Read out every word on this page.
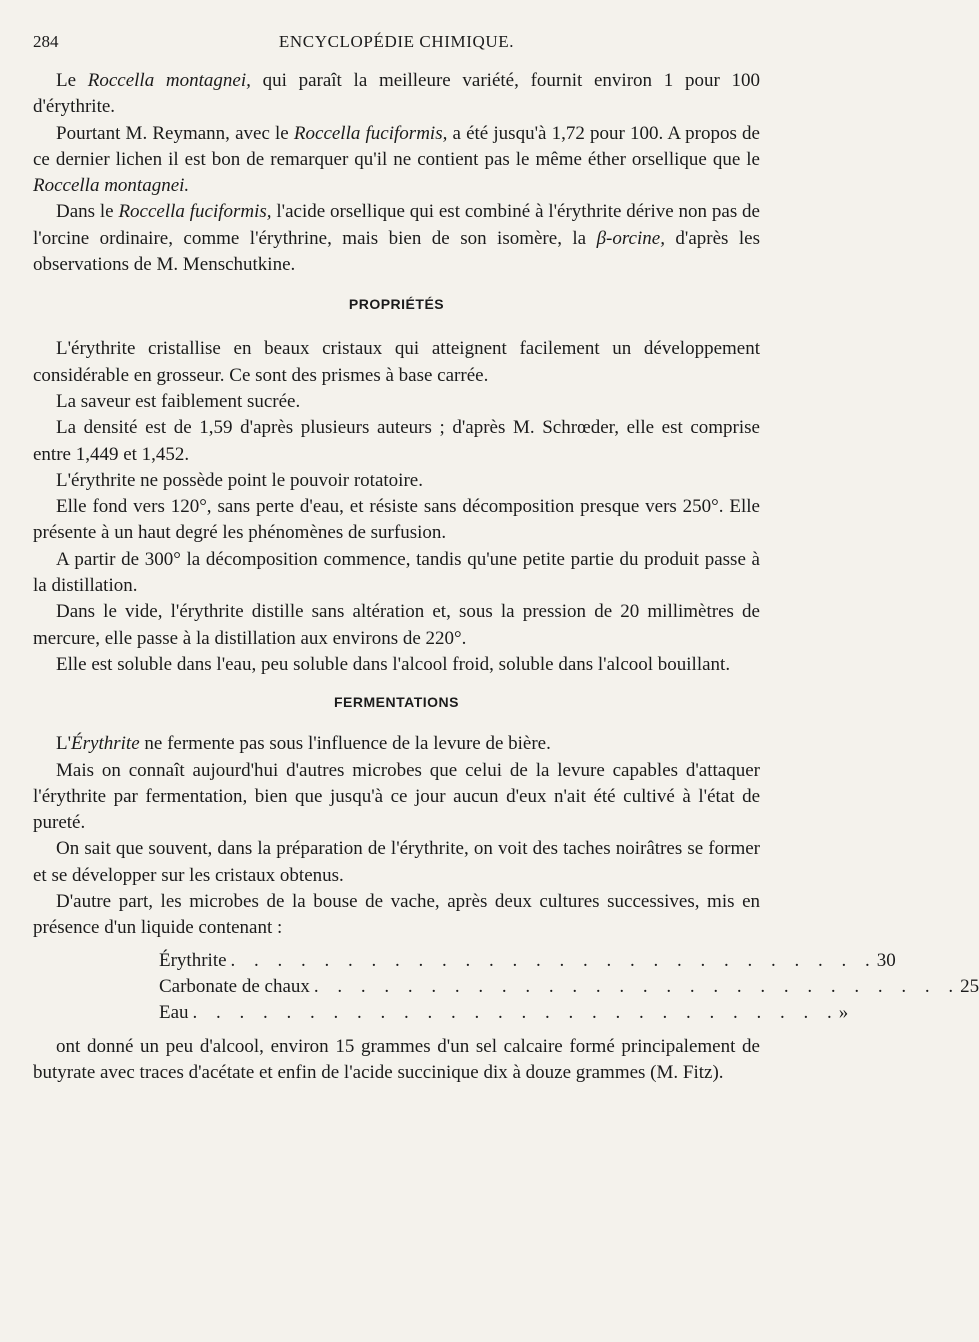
284	ENCYCLOPÉDIE CHIMIQUE.

Le Roccella montagnei, qui paraît la meilleure variété, fournit environ 1 pour 100 d'érythrite.

Pourtant M. Reymann, avec le Roccella fuciformis, a été jusqu'à 1,72 pour 100. A propos de ce dernier lichen il est bon de remarquer qu'il ne contient pas le même éther orsellique que le Roccella montagnei.

Dans le Roccella fuciformis, l'acide orsellique qui est combiné à l'érythrite dérive non pas de l'orcine ordinaire, comme l'érythrine, mais bien de son isomère, la β-orcine, d'après les observations de M. Menschutkine.

PROPRIÉTÉS

L'érythrite cristallise en beaux cristaux qui atteignent facilement un développement considérable en grosseur. Ce sont des prismes à base carrée.

La saveur est faiblement sucrée.

La densité est de 1,59 d'après plusieurs auteurs ; d'après M. Schrœder, elle est comprise entre 1,449 et 1,452.

L'érythrite ne possède point le pouvoir rotatoire.

Elle fond vers 120°, sans perte d'eau, et résiste sans décomposition presque vers 250°. Elle présente à un haut degré les phénomènes de surfusion.

A partir de 300° la décomposition commence, tandis qu'une petite partie du produit passe à la distillation.

Dans le vide, l'érythrite distille sans altération et, sous la pression de 20 millimètres de mercure, elle passe à la distillation aux environs de 220°.

Elle est soluble dans l'eau, peu soluble dans l'alcool froid, soluble dans l'alcool bouillant.

FERMENTATIONS

L'Érythrite ne fermente pas sous l'influence de la levure de bière.

Mais on connaît aujourd'hui d'autres microbes que celui de la levure capables d'attaquer l'érythrite par fermentation, bien que jusqu'à ce jour aucun d'eux n'ait été cultivé à l'état de pureté.

On sait que souvent, dans la préparation de l'érythrite, on voit des taches noirâtres se former et se développer sur les cristaux obtenus.

D'autre part, les microbes de la bouse de vache, après deux cultures successives, mis en présence d'un liquide contenant :

Érythrite . . . . . . . . . . . . . . . . . . . . . . . . . . . . 30
Carbonate de chaux . . . . . . . . . . . . . . . . . . . . . . . . . . . . 25
Eau . . . . . . . . . . . . . . . . . . . . . . . . . . . . »

ont donné un peu d'alcool, environ 15 grammes d'un sel calcaire formé principalement de butyrate avec traces d'acétate et enfin de l'acide succinique dix à douze grammes (M. Fitz).
